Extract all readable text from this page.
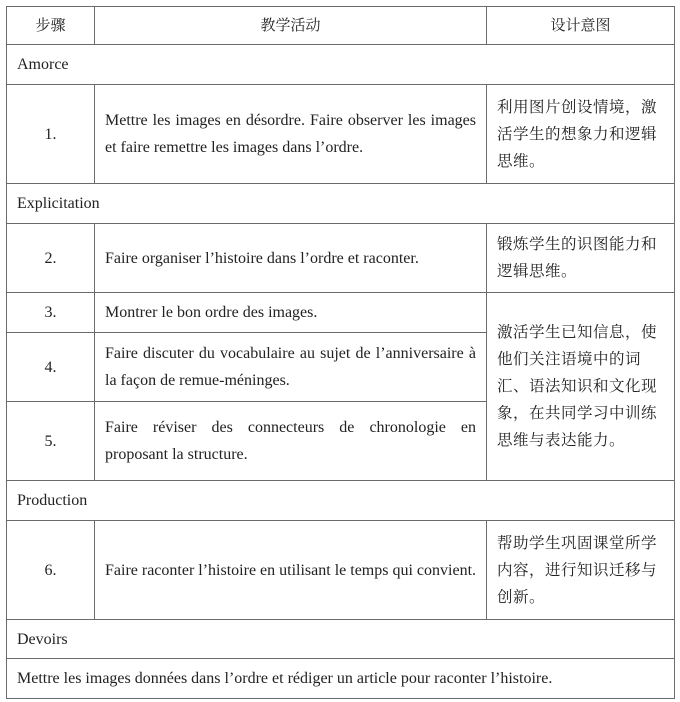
步骤	教学活动	设计意图
Amorce		
1.	Mettre les images en désordre. Faire observer les images et faire remettre les images dans l’ordre.	利用图片创设情境，激活学生的想象力和逻辑思维。
Explicitation		
2.	Faire organiser l’histoire dans l’ordre et raconter.	锻炼学生的识图能力和逻辑思维。
3.	Montrer le bon ordre des images.	激活学生已知信息，使他们关注语境中的词汇、语法知识和文化现象，在共同学习中训练思维与表达能力。
4.	Faire discuter du vocabulaire au sujet de l’anniversaire à la façon de remue-méninges.	
5.	Faire réviser des connecteurs de chronologie en proposant la structure.	
Production		
6.	Faire raconter l’histoire en utilisant le temps qui convient.	帮助学生巩固课堂所学内容，进行知识迁移与创新。
Devoirs		
Mettre les images données dans l’ordre et rédiger un article pour raconter l’histoire.		
